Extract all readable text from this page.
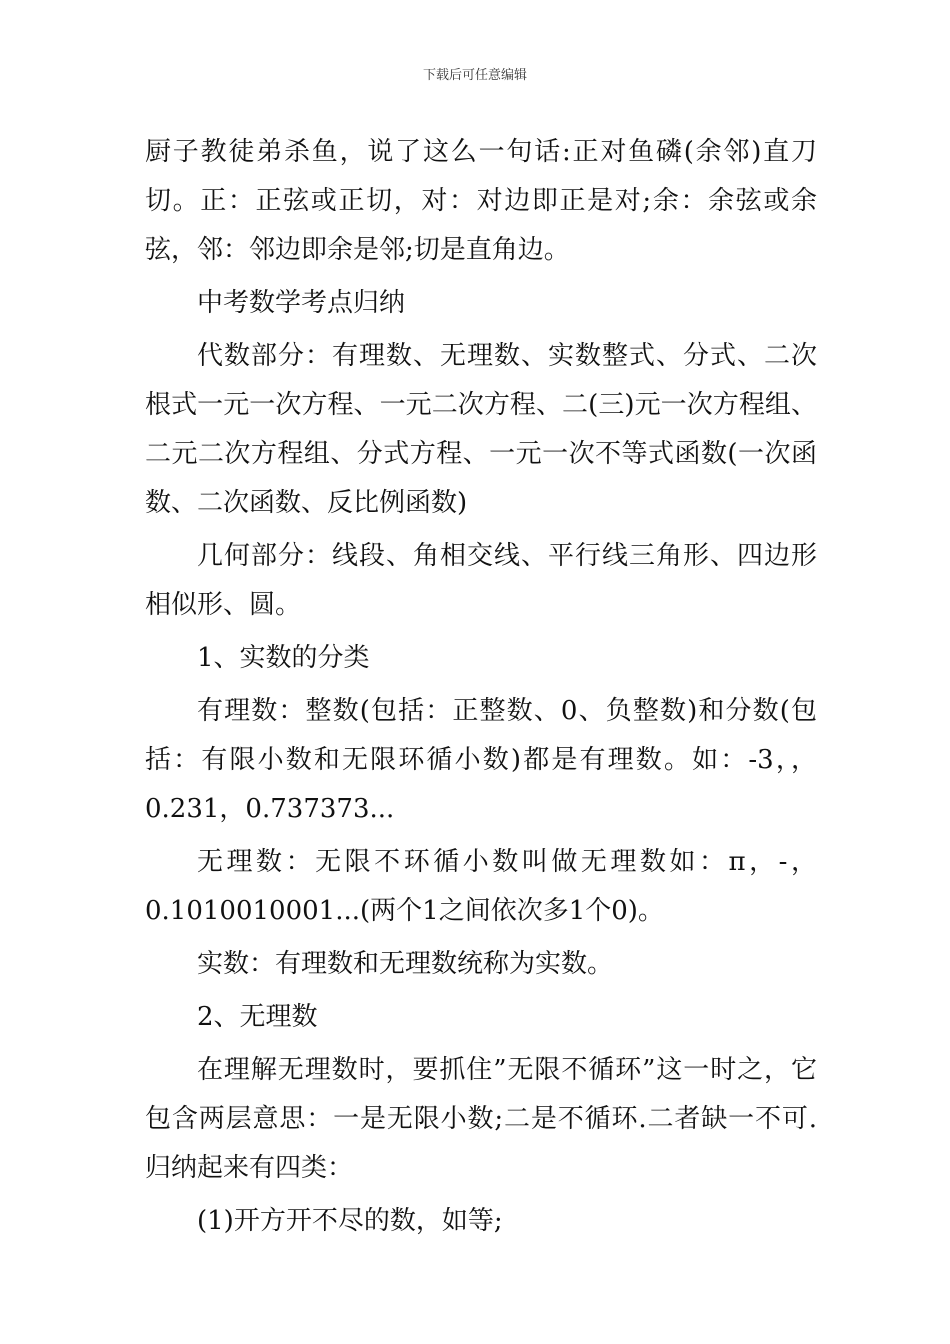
下载后可任意编辑

厨子教徒弟杀鱼，说了这么一句话:正对鱼磷(余邻)直刀切。正：正弦或正切，对：对边即正是对;余：余弦或余弦，邻：邻边即余是邻;切是直角边。

中考数学考点归纳

代数部分：有理数、无理数、实数整式、分式、二次根式一元一次方程、一元二次方程、二(三)元一次方程组、二元二次方程组、分式方程、一元一次不等式函数(一次函数、二次函数、反比例函数)

几何部分：线段、角相交线、平行线三角形、四边形相似形、圆。

1、实数的分类

有理数：整数(包括：正整数、0、负整数)和分数(包括：有限小数和无限环循小数)都是有理数。如：-3，，0.231，0.737373...

无理数：无限不环循小数叫做无理数如：π，-，0.1010010001...(两个1之间依次多1个0)。

实数：有理数和无理数统称为实数。

2、无理数

在理解无理数时，要抓住”无限不循环”这一时之，它包含两层意思：一是无限小数;二是不循环.二者缺一不可.归纳起来有四类：

(1)开方开不尽的数，如等;
